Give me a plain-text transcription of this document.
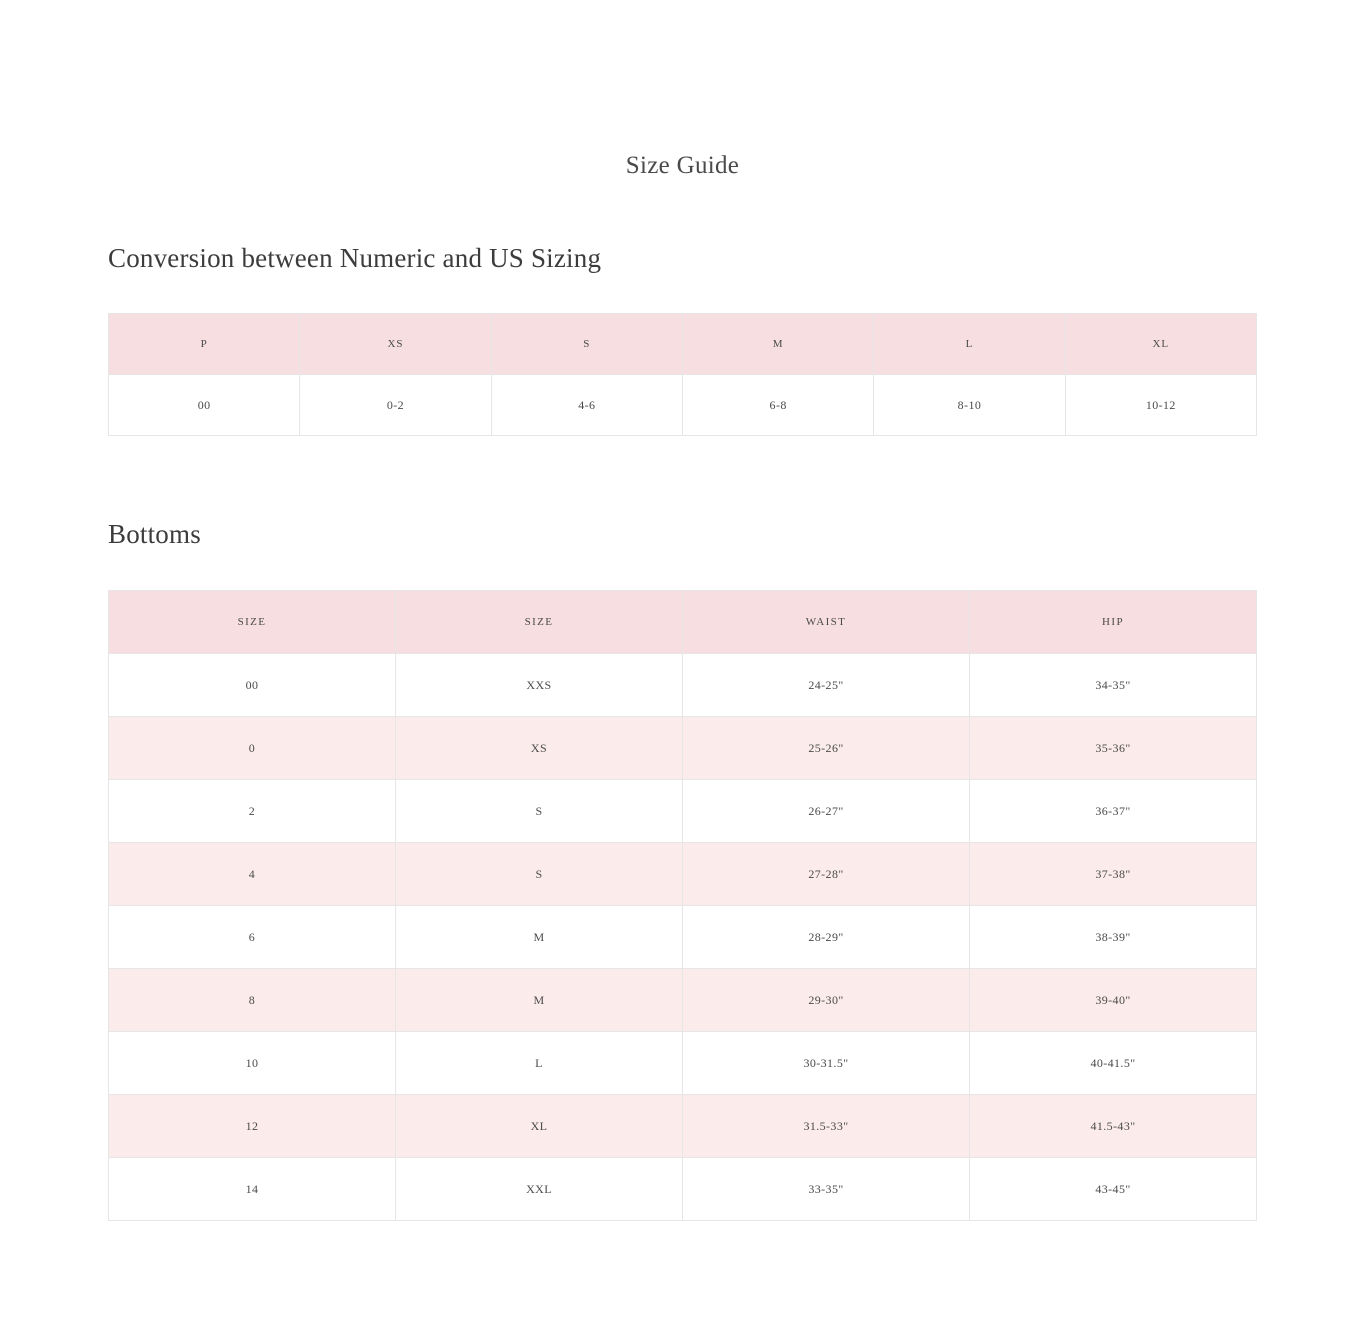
Size Guide
Conversion between Numeric and US Sizing
P	XS	S	M	L	XL
00	0-2	4-6	6-8	8-10	10-12
Bottoms
SIZE	SIZE	WAIST	HIP
00	XXS	24-25"	34-35"
0	XS	25-26"	35-36"
2	S	26-27"	36-37"
4	S	27-28"	37-38"
6	M	28-29"	38-39"
8	M	29-30"	39-40"
10	L	30-31.5"	40-41.5"
12	XL	31.5-33"	41.5-43"
14	XXL	33-35"	43-45"
